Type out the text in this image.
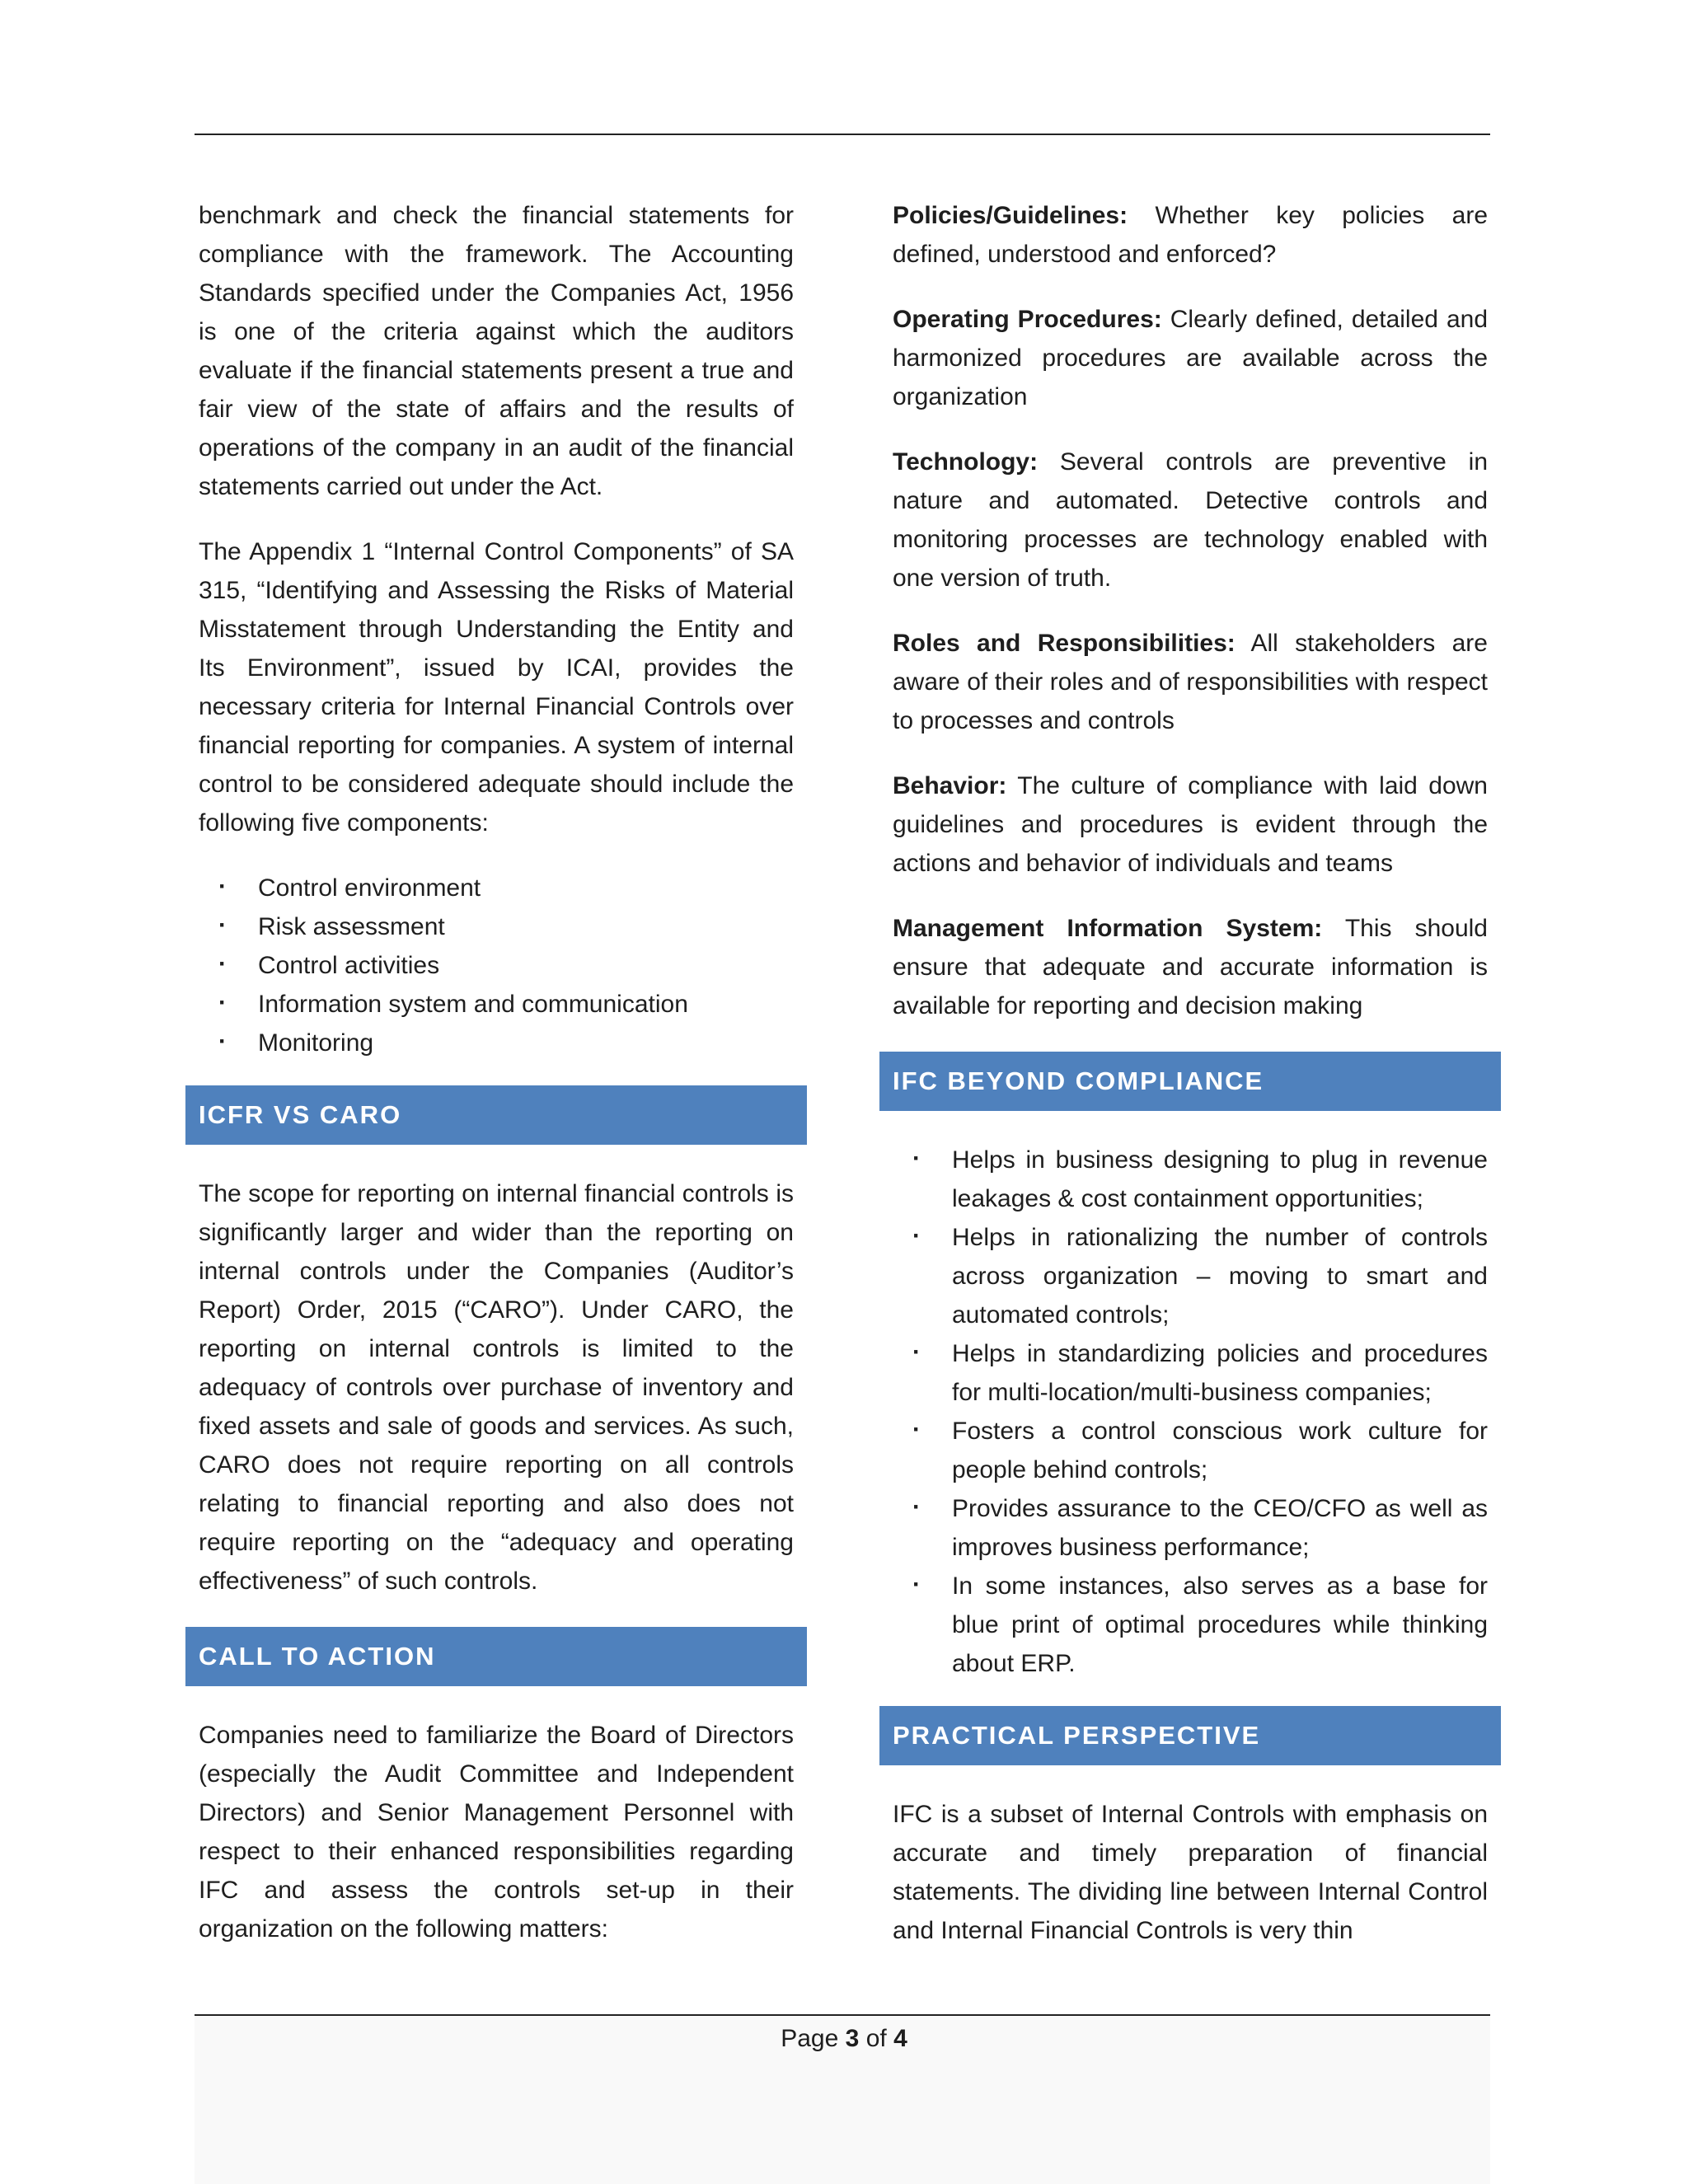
benchmark and check the financial statements for compliance with the framework. The Accounting Standards specified under the Companies Act, 1956 is one of the criteria against which the auditors evaluate if the financial statements present a true and fair view of the state of affairs and the results of operations of the company in an audit of the financial statements carried out under the Act.

The Appendix 1 “Internal Control Components” of SA 315, “Identifying and Assessing the Risks of Material Misstatement through Understanding the Entity and Its Environment”, issued by ICAI, provides the necessary criteria for Internal Financial Controls over financial reporting for companies. A system of internal control to be considered adequate should include the following five components:

· Control environment
· Risk assessment
· Control activities
· Information system and communication
· Monitoring
ICFR VS CARO

The scope for reporting on internal financial controls is significantly larger and wider than the reporting on internal controls under the Companies (Auditor’s Report) Order, 2015 (“CARO”). Under CARO, the reporting on internal controls is limited to the adequacy of controls over purchase of inventory and fixed assets and sale of goods and services. As such, CARO does not require reporting on all controls relating to financial reporting and also does not require reporting on the “adequacy and operating effectiveness” of such controls.

CALL TO ACTION

Companies need to familiarize the Board of Directors (especially the Audit Committee and Independent Directors) and Senior Management Personnel with respect to their enhanced responsibilities regarding IFC and assess the controls set-up in their organization on the following matters:

Policies/Guidelines: Whether key policies are defined, understood and enforced?

Operating Procedures: Clearly defined, detailed and harmonized procedures are available across the organization

Technology: Several controls are preventive in nature and automated. Detective controls and monitoring processes are technology enabled with one version of truth.

Roles and Responsibilities: All stakeholders are aware of their roles and of responsibilities with respect to processes and controls

Behavior: The culture of compliance with laid down guidelines and procedures is evident through the actions and behavior of individuals and teams

Management Information System: This should ensure that adequate and accurate information is available for reporting and decision making

IFC BEYOND COMPLIANCE
· Helps in business designing to plug in revenue leakages & cost containment opportunities;
· Helps in rationalizing the number of controls across organization – moving to smart and automated controls;
· Helps in standardizing policies and procedures for multi-location/multi-business companies;
· Fosters a control conscious work culture for people behind controls;
· Provides assurance to the CEO/CFO as well as improves business performance;
· In some instances, also serves as a base for blue print of optimal procedures while thinking about ERP.
PRACTICAL PERSPECTIVE

IFC is a subset of Internal Controls with emphasis on accurate and timely preparation of financial statements. The dividing line between Internal Control and Internal Financial Controls is very thin

Page 3 of 4
